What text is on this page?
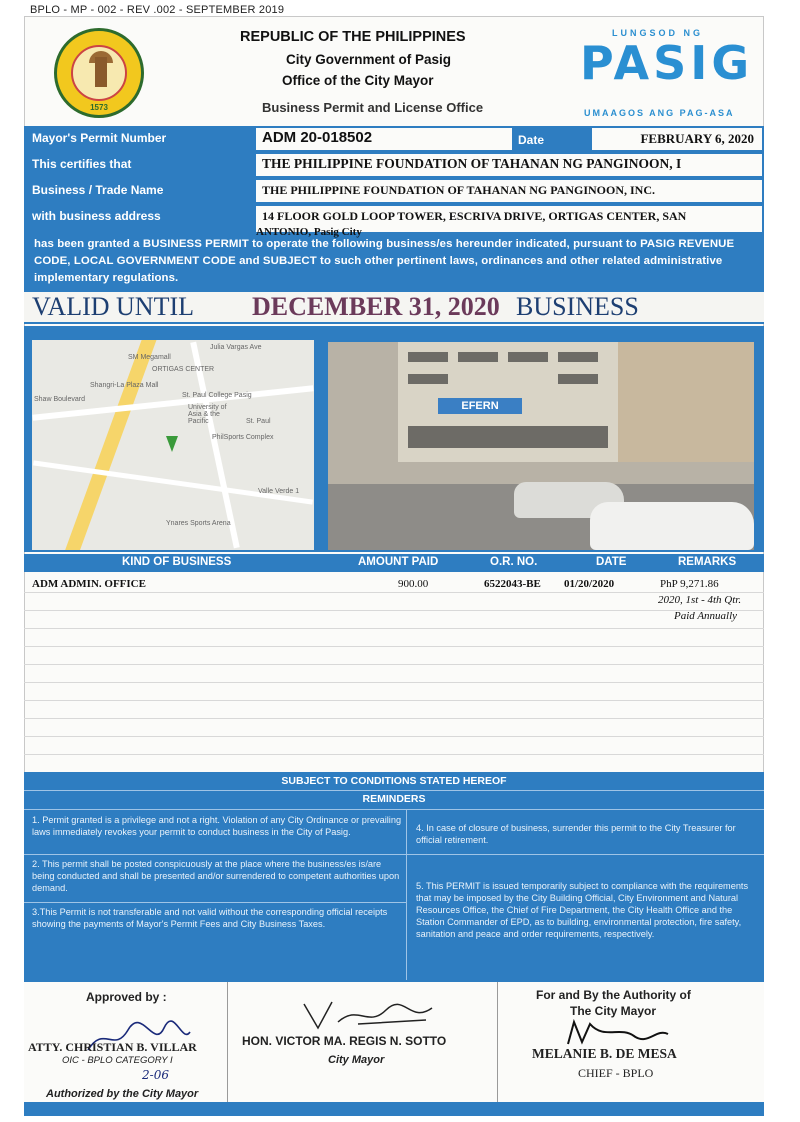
BPLO - MP - 002 - REV .002 - SEPTEMBER 2019
1573
REPUBLIC OF THE PHILIPPINES
City Government of Pasig
Office of the City Mayor
Business Permit and License Office
LUNGSOD NG
PASIG
UMAAGOS ANG PAG-ASA
Mayor's Permit Number	ADM 20-018502	Date	FEBRUARY 6, 2020
This certifies that	THE PHILIPPINE FOUNDATION OF TAHANAN NG PANGINOON, I
Business / Trade Name	THE PHILIPPINE FOUNDATION OF TAHANAN NG PANGINOON, INC.
with business address	14 FLOOR GOLD LOOP TOWER, ESCRIVA DRIVE, ORTIGAS CENTER, SAN
ANTONIO, Pasig City
has been granted a BUSINESS PERMIT to operate the following business/es hereunder indicated, pursuant to PASIG REVENUE CODE, LOCAL GOVERNMENT CODE and SUBJECT to such other pertinent laws, ordinances and other related administrative implementary regulations.
VALID UNTIL DECEMBER 31, 2020 BUSINESS
SM Megamall
ORTIGAS CENTER
Shangri-La Plaza Mall
Shaw Boulevard
St. Paul College Pasig
University of Asia & the Pacific	St. Paul
PhilSports Complex
Valle Verde 1
Ynares Sports Arena
Julia Vargas Ave
EFERN
KIND OF BUSINESS	AMOUNT PAID	O.R. NO.	DATE	REMARKS
ADM ADMIN. OFFICE	900.00	6522043-BE 01/20/2020	PhP 9,271.86
2020, 1st - 4th Qtr.
Paid Annually
SUBJECT TO CONDITIONS STATED HEREOF
REMINDERS
1. Permit granted is a privilege and not a right. Violation of any City Ordinance or prevailing laws immediately revokes your permit to conduct business in the City of Pasig.
2. This permit shall be posted conspicuously at the place where the business/es is/are being conducted and shall be presented and/or surrendered to competent authorities upon demand.
3.This Permit is not transferable and not valid without the corresponding official receipts showing the payments of Mayor's Permit Fees and City Business Taxes.
4. In case of closure of business, surrender this permit to the City Treasurer for official retirement.
5. This PERMIT is issued temporarily subject to compliance with the requirements that may be imposed by the City Building Official, City Environment and Natural Resources Office, the Chief of Fire Department, the City Health Office and the Station Commander of EPD, as to building, environmental protection, fire safety, sanitation and peace and order requirements, respectively.
Approved by :
ATTY. CHRISTIAN B. VILLAR
OIC - BPLO CATEGORY I
2-06
Authorized by the City Mayor
HON. VICTOR MA. REGIS N. SOTTO
City Mayor
For and By the Authority of
The City Mayor
MELANIE B. DE MESA
CHIEF - BPLO
